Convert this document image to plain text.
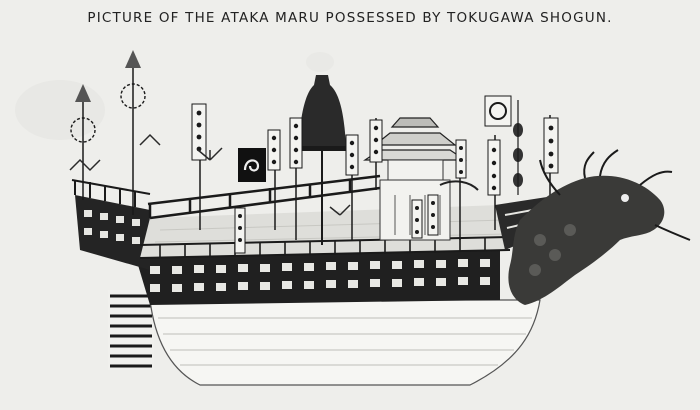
PICTURE OF THE ATAKA MARU POSSESSED BY TOKUGAWA SHOGUN.
